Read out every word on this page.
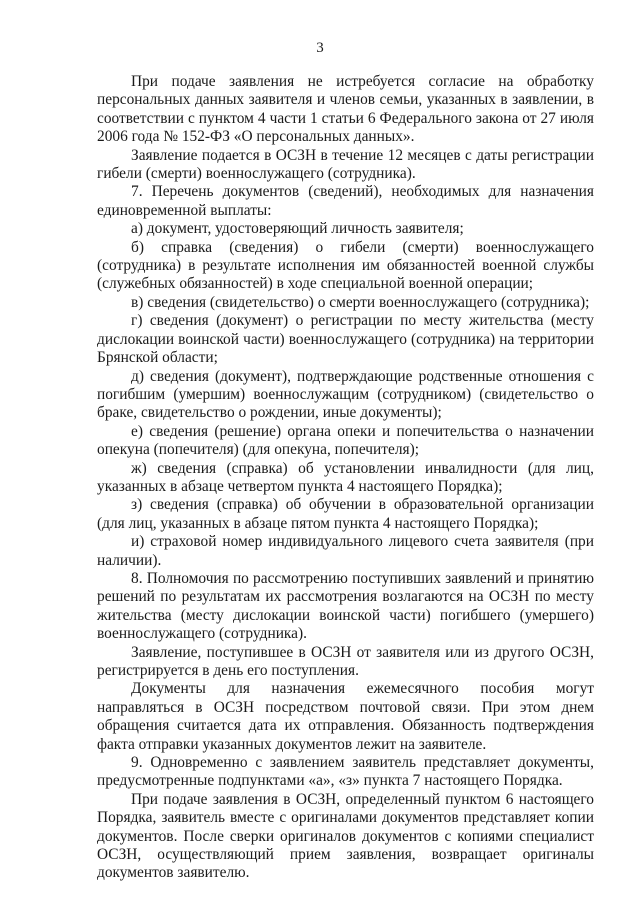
3

При подаче заявления не истребуется согласие на обработку персональных данных заявителя и членов семьи, указанных в заявлении, в соответствии с пунктом 4 части 1 статьи 6 Федерального закона от 27 июля 2006 года № 152-ФЗ «О персональных данных».

Заявление подается в ОСЗН в течение 12 месяцев с даты регистрации гибели (смерти) военнослужащего (сотрудника).

7. Перечень документов (сведений), необходимых для назначения единовременной выплаты:

а) документ, удостоверяющий личность заявителя;

б) справка (сведения) о гибели (смерти) военнослужащего (сотрудника) в результате исполнения им обязанностей военной службы (служебных обязанностей) в ходе специальной военной операции;

в) сведения (свидетельство) о смерти военнослужащего (сотрудника);

г) сведения (документ) о регистрации по месту жительства (месту дислокации воинской части) военнослужащего (сотрудника) на территории Брянской области;

д) сведения (документ), подтверждающие родственные отношения с погибшим (умершим) военнослужащим (сотрудником) (свидетельство о браке, свидетельство о рождении, иные документы);

е) сведения (решение) органа опеки и попечительства о назначении опекуна (попечителя) (для опекуна, попечителя);

ж) сведения (справка) об установлении инвалидности (для лиц, указанных в абзаце четвертом пункта 4 настоящего Порядка);

з) сведения (справка) об обучении в образовательной организации (для лиц, указанных в абзаце пятом пункта 4 настоящего Порядка);

и) страховой номер индивидуального лицевого счета заявителя (при наличии).

8. Полномочия по рассмотрению поступивших заявлений и принятию решений по результатам их рассмотрения возлагаются на ОСЗН по месту жительства (месту дислокации воинской части) погибшего (умершего) военнослужащего (сотрудника).

Заявление, поступившее в ОСЗН от заявителя или из другого ОСЗН, регистрируется в день его поступления.

Документы для назначения ежемесячного пособия могут направляться в ОСЗН посредством почтовой связи. При этом днем обращения считается дата их отправления. Обязанность подтверждения факта отправки указанных документов лежит на заявителе.

9. Одновременно с заявлением заявитель представляет документы, предусмотренные подпунктами «а», «з» пункта 7 настоящего Порядка.

При подаче заявления в ОСЗН, определенный пунктом 6 настоящего Порядка, заявитель вместе с оригиналами документов представляет копии документов. После сверки оригиналов документов с копиями специалист ОСЗН, осуществляющий прием заявления, возвращает оригиналы документов заявителю.
